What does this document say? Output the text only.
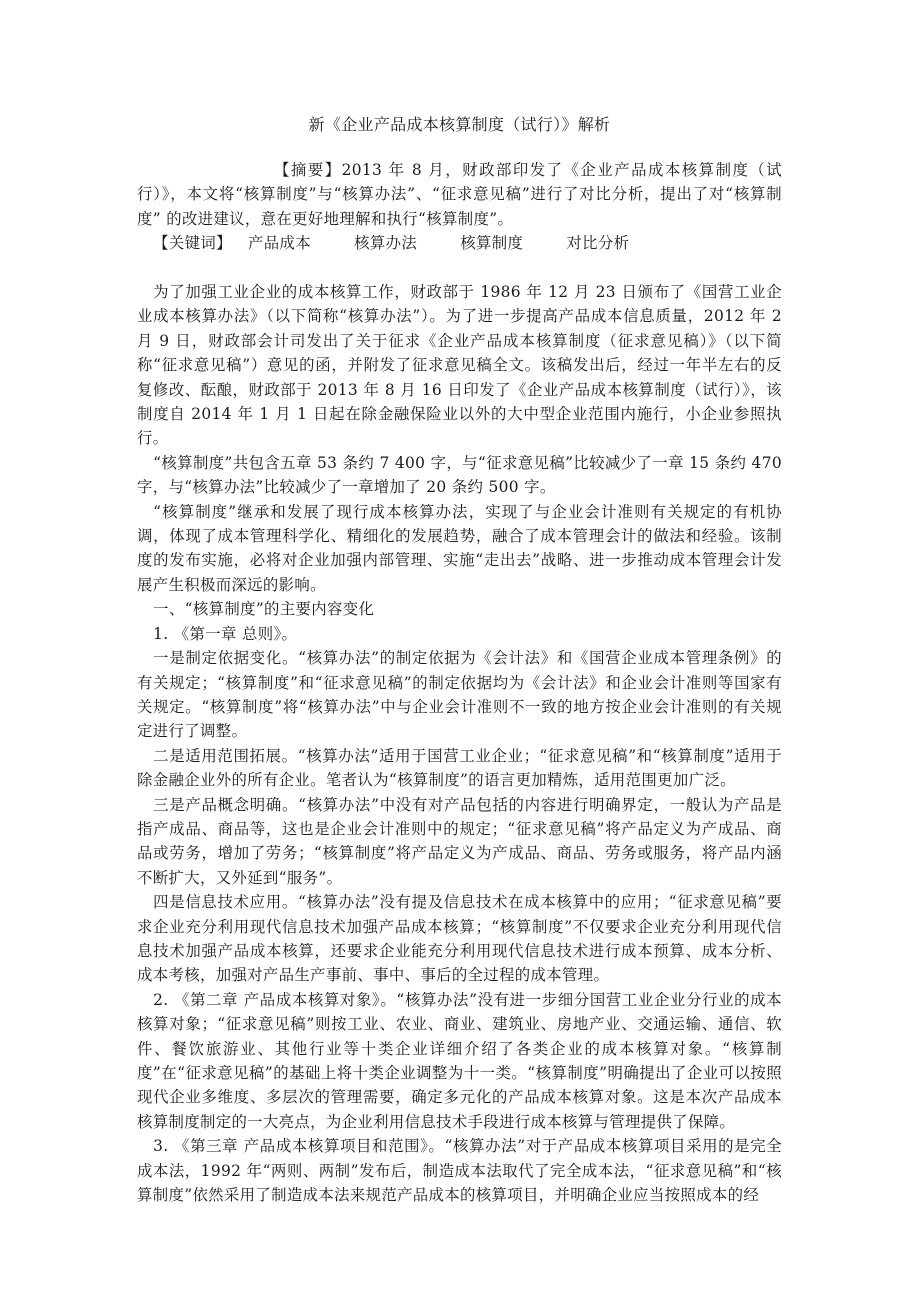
新《企业产品成本核算制度（试行）》解析

【摘要】2013 年 8 月，财政部印发了《企业产品成本核算制度（试行）》，本文将“核算制度”与“核算办法”、“征求意见稿”进行了对比分析，提出了对“核算制度” 的改进建议，意在更好地理解和执行“核算制度”。

【关键词】 产品成本	核算办法	核算制度	对比分析

为了加强工业企业的成本核算工作，财政部于 1986 年 12 月 23 日颁布了《国营工业企业成本核算办法》（以下简称“核算办法”）。为了进一步提高产品成本信息质量，2012 年 2 月 9 日，财政部会计司发出了关于征求《企业产品成本核算制度（征求意见稿）》（以下简称“征求意见稿”）意见的函，并附发了征求意见稿全文。该稿发出后，经过一年半左右的反复修改、酝酿，财政部于 2013 年 8 月 16 日印发了《企业产品成本核算制度（试行）》，该制度自 2014 年 1 月 1 日起在除金融保险业以外的大中型企业范围内施行，小企业参照执行。

“核算制度”共包含五章 53 条约 7 400 字，与“征求意见稿”比较减少了一章 15 条约 470 字，与“核算办法”比较减少了一章增加了 20 条约 500 字。

“核算制度”继承和发展了现行成本核算办法，实现了与企业会计准则有关规定的有机协调，体现了成本管理科学化、精细化的发展趋势，融合了成本管理会计的做法和经验。该制度的发布实施，必将对企业加强内部管理、实施“走出去”战略、进一步推动成本管理会计发展产生积极而深远的影响。

一、“核算制度”的主要内容变化

1. 《第一章 总则》。

一是制定依据变化。“核算办法”的制定依据为《会计法》和《国营企业成本管理条例》的有关规定；“核算制度”和“征求意见稿”的制定依据均为《会计法》和企业会计准则等国家有关规定。“核算制度”将“核算办法”中与企业会计准则不一致的地方按企业会计准则的有关规定进行了调整。

二是适用范围拓展。“核算办法”适用于国营工业企业；“征求意见稿”和“核算制度”适用于除金融企业外的所有企业。笔者认为“核算制度”的语言更加精炼，适用范围更加广泛。

三是产品概念明确。“核算办法”中没有对产品包括的内容进行明确界定，一般认为产品是指产成品、商品等，这也是企业会计准则中的规定；“征求意见稿”将产品定义为产成品、商品或劳务，增加了劳务；“核算制度”将产品定义为产成品、商品、劳务或服务，将产品内涵不断扩大，又外延到“服务”。

四是信息技术应用。“核算办法”没有提及信息技术在成本核算中的应用；“征求意见稿”要求企业充分利用现代信息技术加强产品成本核算；“核算制度”不仅要求企业充分利用现代信息技术加强产品成本核算，还要求企业能充分利用现代信息技术进行成本预算、成本分析、成本考核，加强对产品生产事前、事中、事后的全过程的成本管理。

2. 《第二章 产品成本核算对象》。“核算办法”没有进一步细分国营工业企业分行业的成本核算对象；“征求意见稿”则按工业、农业、商业、建筑业、房地产业、交通运输、通信、软件、餐饮旅游业、其他行业等十类企业详细介绍了各类企业的成本核算对象。“核算制度”在“征求意见稿”的基础上将十类企业调整为十一类。“核算制度”明确提出了企业可以按照现代企业多维度、多层次的管理需要，确定多元化的产品成本核算对象。这是本次产品成本核算制度制定的一大亮点，为企业利用信息技术手段进行成本核算与管理提供了保障。

3. 《第三章 产品成本核算项目和范围》。“核算办法”对于产品成本核算项目采用的是完全成本法，1992 年“两则、两制”发布后，制造成本法取代了完全成本法，“征求意见稿”和“核算制度”依然采用了制造成本法来规范产品成本的核算项目，并明确企业应当按照成本的经
